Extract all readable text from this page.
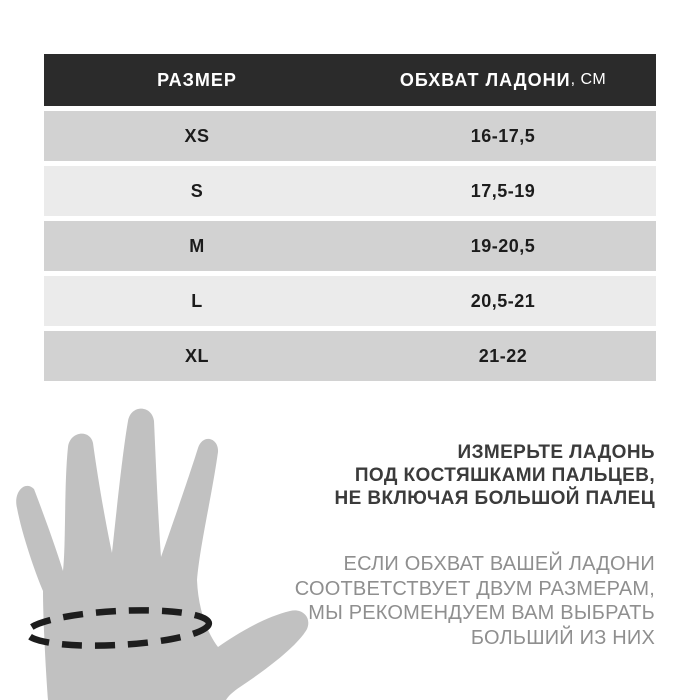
РАЗМЕР	ОБХВАТ ЛАДОНИ , СМ
XS	16-17,5
S	17,5-19
M	19-20,5
L	20,5-21
XL	21-22
ИЗМЕРЬТЕ ЛАДОНЬ
ПОД КОСТЯШКАМИ ПАЛЬЦЕВ,
НЕ ВКЛЮЧАЯ БОЛЬШОЙ ПАЛЕЦ
ЕСЛИ ОБХВАТ ВАШЕЙ ЛАДОНИ
СООТВЕТСТВУЕТ ДВУМ РАЗМЕРАМ,
МЫ РЕКОМЕНДУЕМ ВАМ ВЫБРАТЬ
БОЛЬШИЙ ИЗ НИХ
